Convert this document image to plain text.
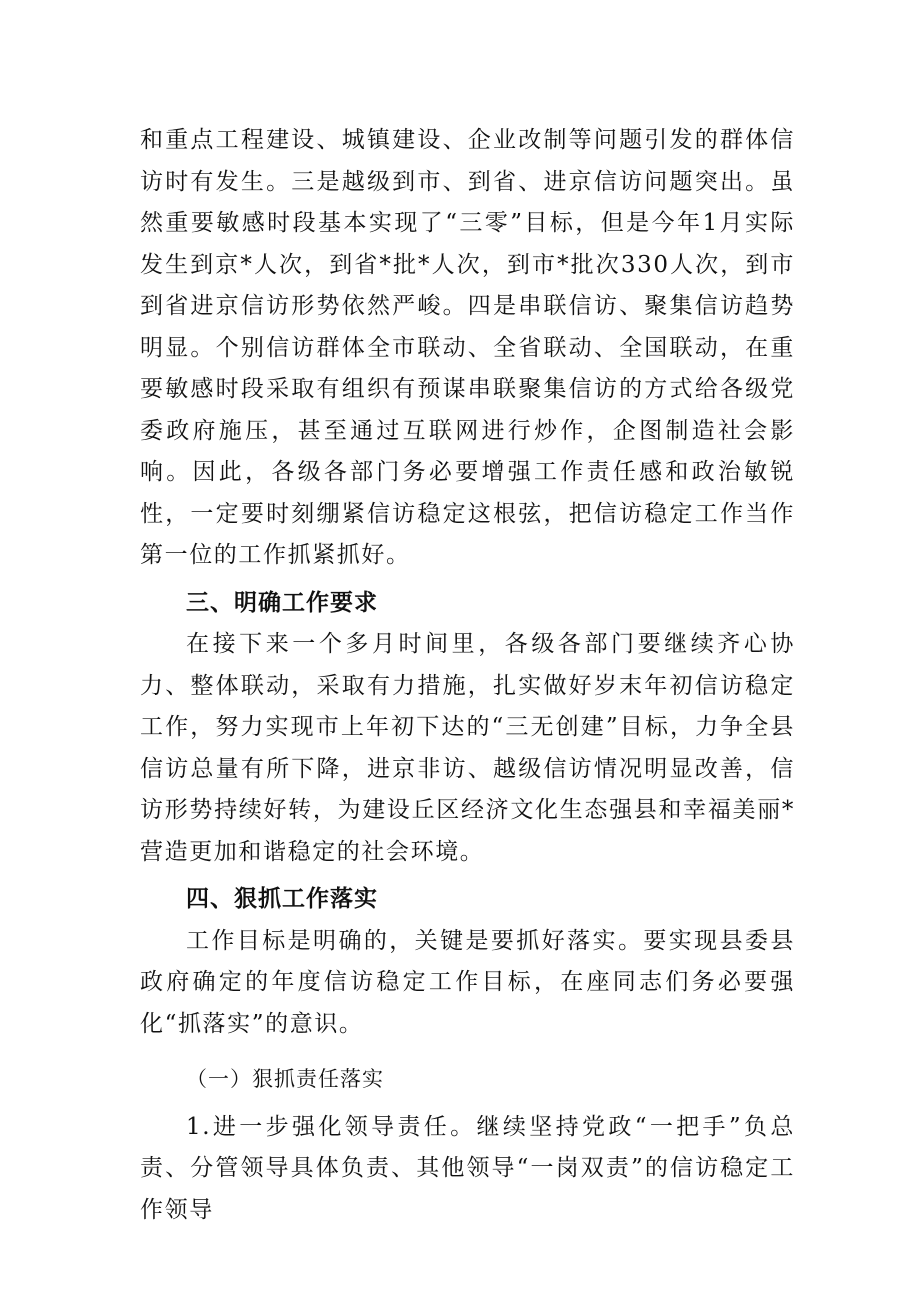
和重点工程建设、城镇建设、企业改制等问题引发的群体信访时有发生。三是越级到市、到省、进京信访问题突出。虽然重要敏感时段基本实现了“三零”目标，但是今年1月实际发生到京*人次，到省*批*人次，到市*批次330人次，到市到省进京信访形势依然严峻。四是串联信访、聚集信访趋势明显。个别信访群体全市联动、全省联动、全国联动，在重要敏感时段采取有组织有预谋串联聚集信访的方式给各级党委政府施压，甚至通过互联网进行炒作，企图制造社会影响。因此，各级各部门务必要增强工作责任感和政治敏锐性，一定要时刻绷紧信访稳定这根弦，把信访稳定工作当作第一位的工作抓紧抓好。

三、明确工作要求

在接下来一个多月时间里，各级各部门要继续齐心协力、整体联动，采取有力措施，扎实做好岁末年初信访稳定工作，努力实现市上年初下达的“三无创建”目标，力争全县信访总量有所下降，进京非访、越级信访情况明显改善，信访形势持续好转，为建设丘区经济文化生态强县和幸福美丽*营造更加和谐稳定的社会环境。

四、狠抓工作落实

工作目标是明确的，关键是要抓好落实。要实现县委县政府确定的年度信访稳定工作目标，在座同志们务必要强化“抓落实”的意识。

（一）狠抓责任落实

1.进一步强化领导责任。继续坚持党政“一把手”负总责、分管领导具体负责、其他领导“一岗双责”的信访稳定工作领导
